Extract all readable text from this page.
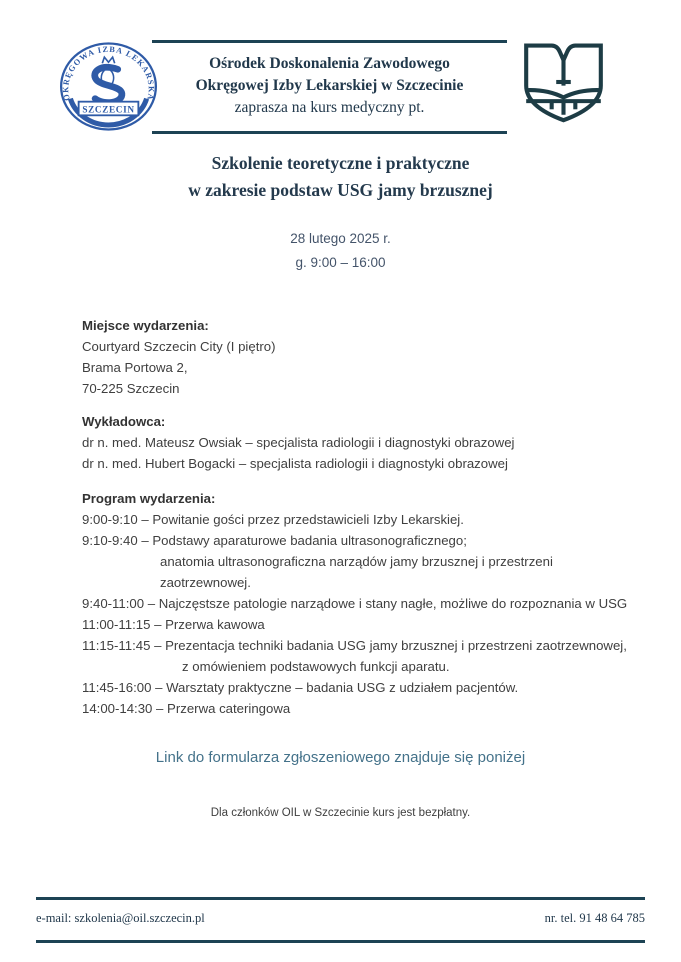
OKRĘGOWA IZBA LEKARSKA
SZCZECIN
Ośrodek Doskonalenia Zawodowego
Okręgowej Izby Lekarskiej w Szczecinie
zaprasza na kurs medyczny pt.
Szkolenie teoretyczne i praktyczne
w zakresie podstaw USG jamy brzusznej
28 lutego 2025 r.
g. 9:00 – 16:00
Miejsce wydarzenia:
Courtyard Szczecin City (I piętro)
Brama Portowa 2,
70-225 Szczecin
Wykładowca:
dr n. med. Mateusz Owsiak – specjalista radiologii i diagnostyki obrazowej
dr n. med. Hubert Bogacki – specjalista radiologii i diagnostyki obrazowej
Program wydarzenia:
9:00-9:10 – Powitanie gości przez przedstawicieli Izby Lekarskiej.
9:10-9:40 – Podstawy aparaturowe badania ultrasonograficznego;
anatomia ultrasonograficzna narządów jamy brzusznej i przestrzeni
zaotrzewnowej.
9:40-11:00 – Najczęstsze patologie narządowe i stany nagłe, możliwe do rozpoznania w USG
11:00-11:15 – Przerwa kawowa
11:15-11:45 – Prezentacja techniki badania USG jamy brzusznej i przestrzeni zaotrzewnowej,
z omówieniem podstawowych funkcji aparatu.
11:45-16:00 – Warsztaty praktyczne – badania USG z udziałem pacjentów.
14:00-14:30 – Przerwa cateringowa
Link do formularza zgłoszeniowego znajduje się poniżej
Dla członków OIL w Szczecinie kurs jest bezpłatny.
e-mail: szkolenia@oil.szczecin.pl	nr. tel. 91 48 64 785
